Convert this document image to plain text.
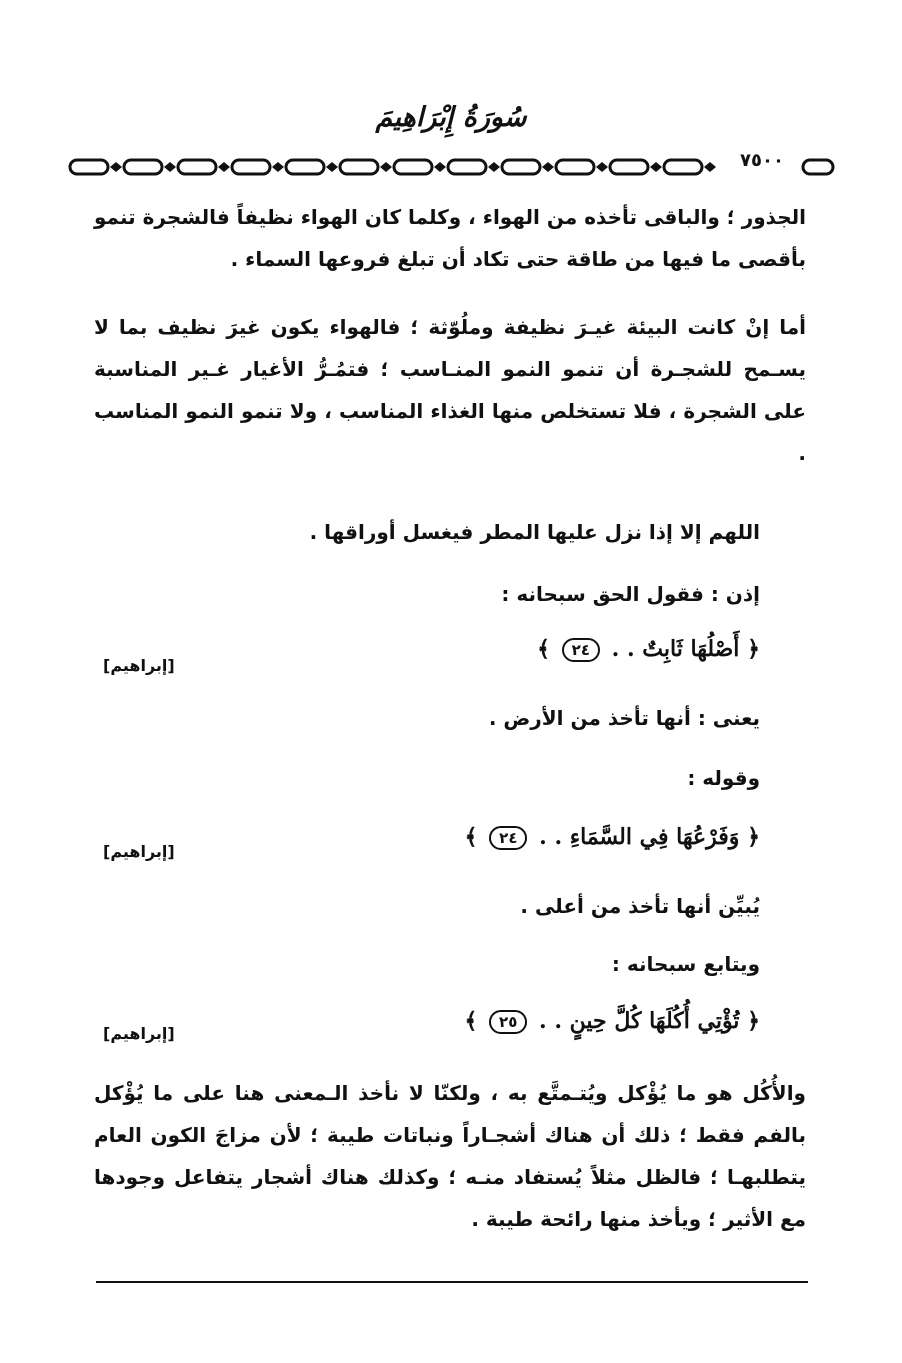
سُورَةُ إِبْرَاهِيمَ
٧٥٠٠

الجذور ؛ والباقى تأخذه من الهواء ، وكلما كان الهواء نظيفاً فالشجرة تنمو بأقصى ما فيها من طاقة حتى تكاد أن تبلغ فروعها السماء .

أما إنْ كانت البيئة غيـرَ نظيفة وملُوّثة ؛ فالهواء يكون غيرَ نظيف بما لا يسـمح للشجـرة أن تنمو النمو المنـاسب ؛ فتمُـرُّ الأغيار غـير المناسبة على الشجرة ، فلا تستخلص منها الغذاء المناسب ، ولا تنمو النمو المناسب .

اللهم إلا إذا نزل عليها المطر فيغسل أوراقها .
إذن : فقول الحق سبحانه :
﴿ أَصْلُهَا ثَابِتٌ . . ٢٤ ﴾
[إبراهيم]
يعنى : أنها تأخذ من الأرض .
وقوله :
﴿ وَفَرْعُهَا فِي السَّمَاءِ . . ٢٤ ﴾
[إبراهيم]
يُبيِّن أنها تأخذ من أعلى .
ويتابع سبحانه :
﴿ تُؤْتِي أُكُلَهَا كُلَّ حِينٍ . . ٢٥ ﴾
[إبراهيم]

والأُكُل هو ما يُؤْكل ويُتـمتَّع به ، ولكنّا لا نأخذ الـمعنى هنا على ما يُؤْكل بالفم فقط ؛ ذلك أن هناك أشجـاراً ونباتات طيبة ؛ لأن مزاجَ الكون العام يتطلبهـا ؛ فالظل مثلاً يُستفاد منـه ؛ وكذلك هناك أشجار يتفاعل وجودها مع الأثير ؛ ويأخذ منها رائحة طيبة .
